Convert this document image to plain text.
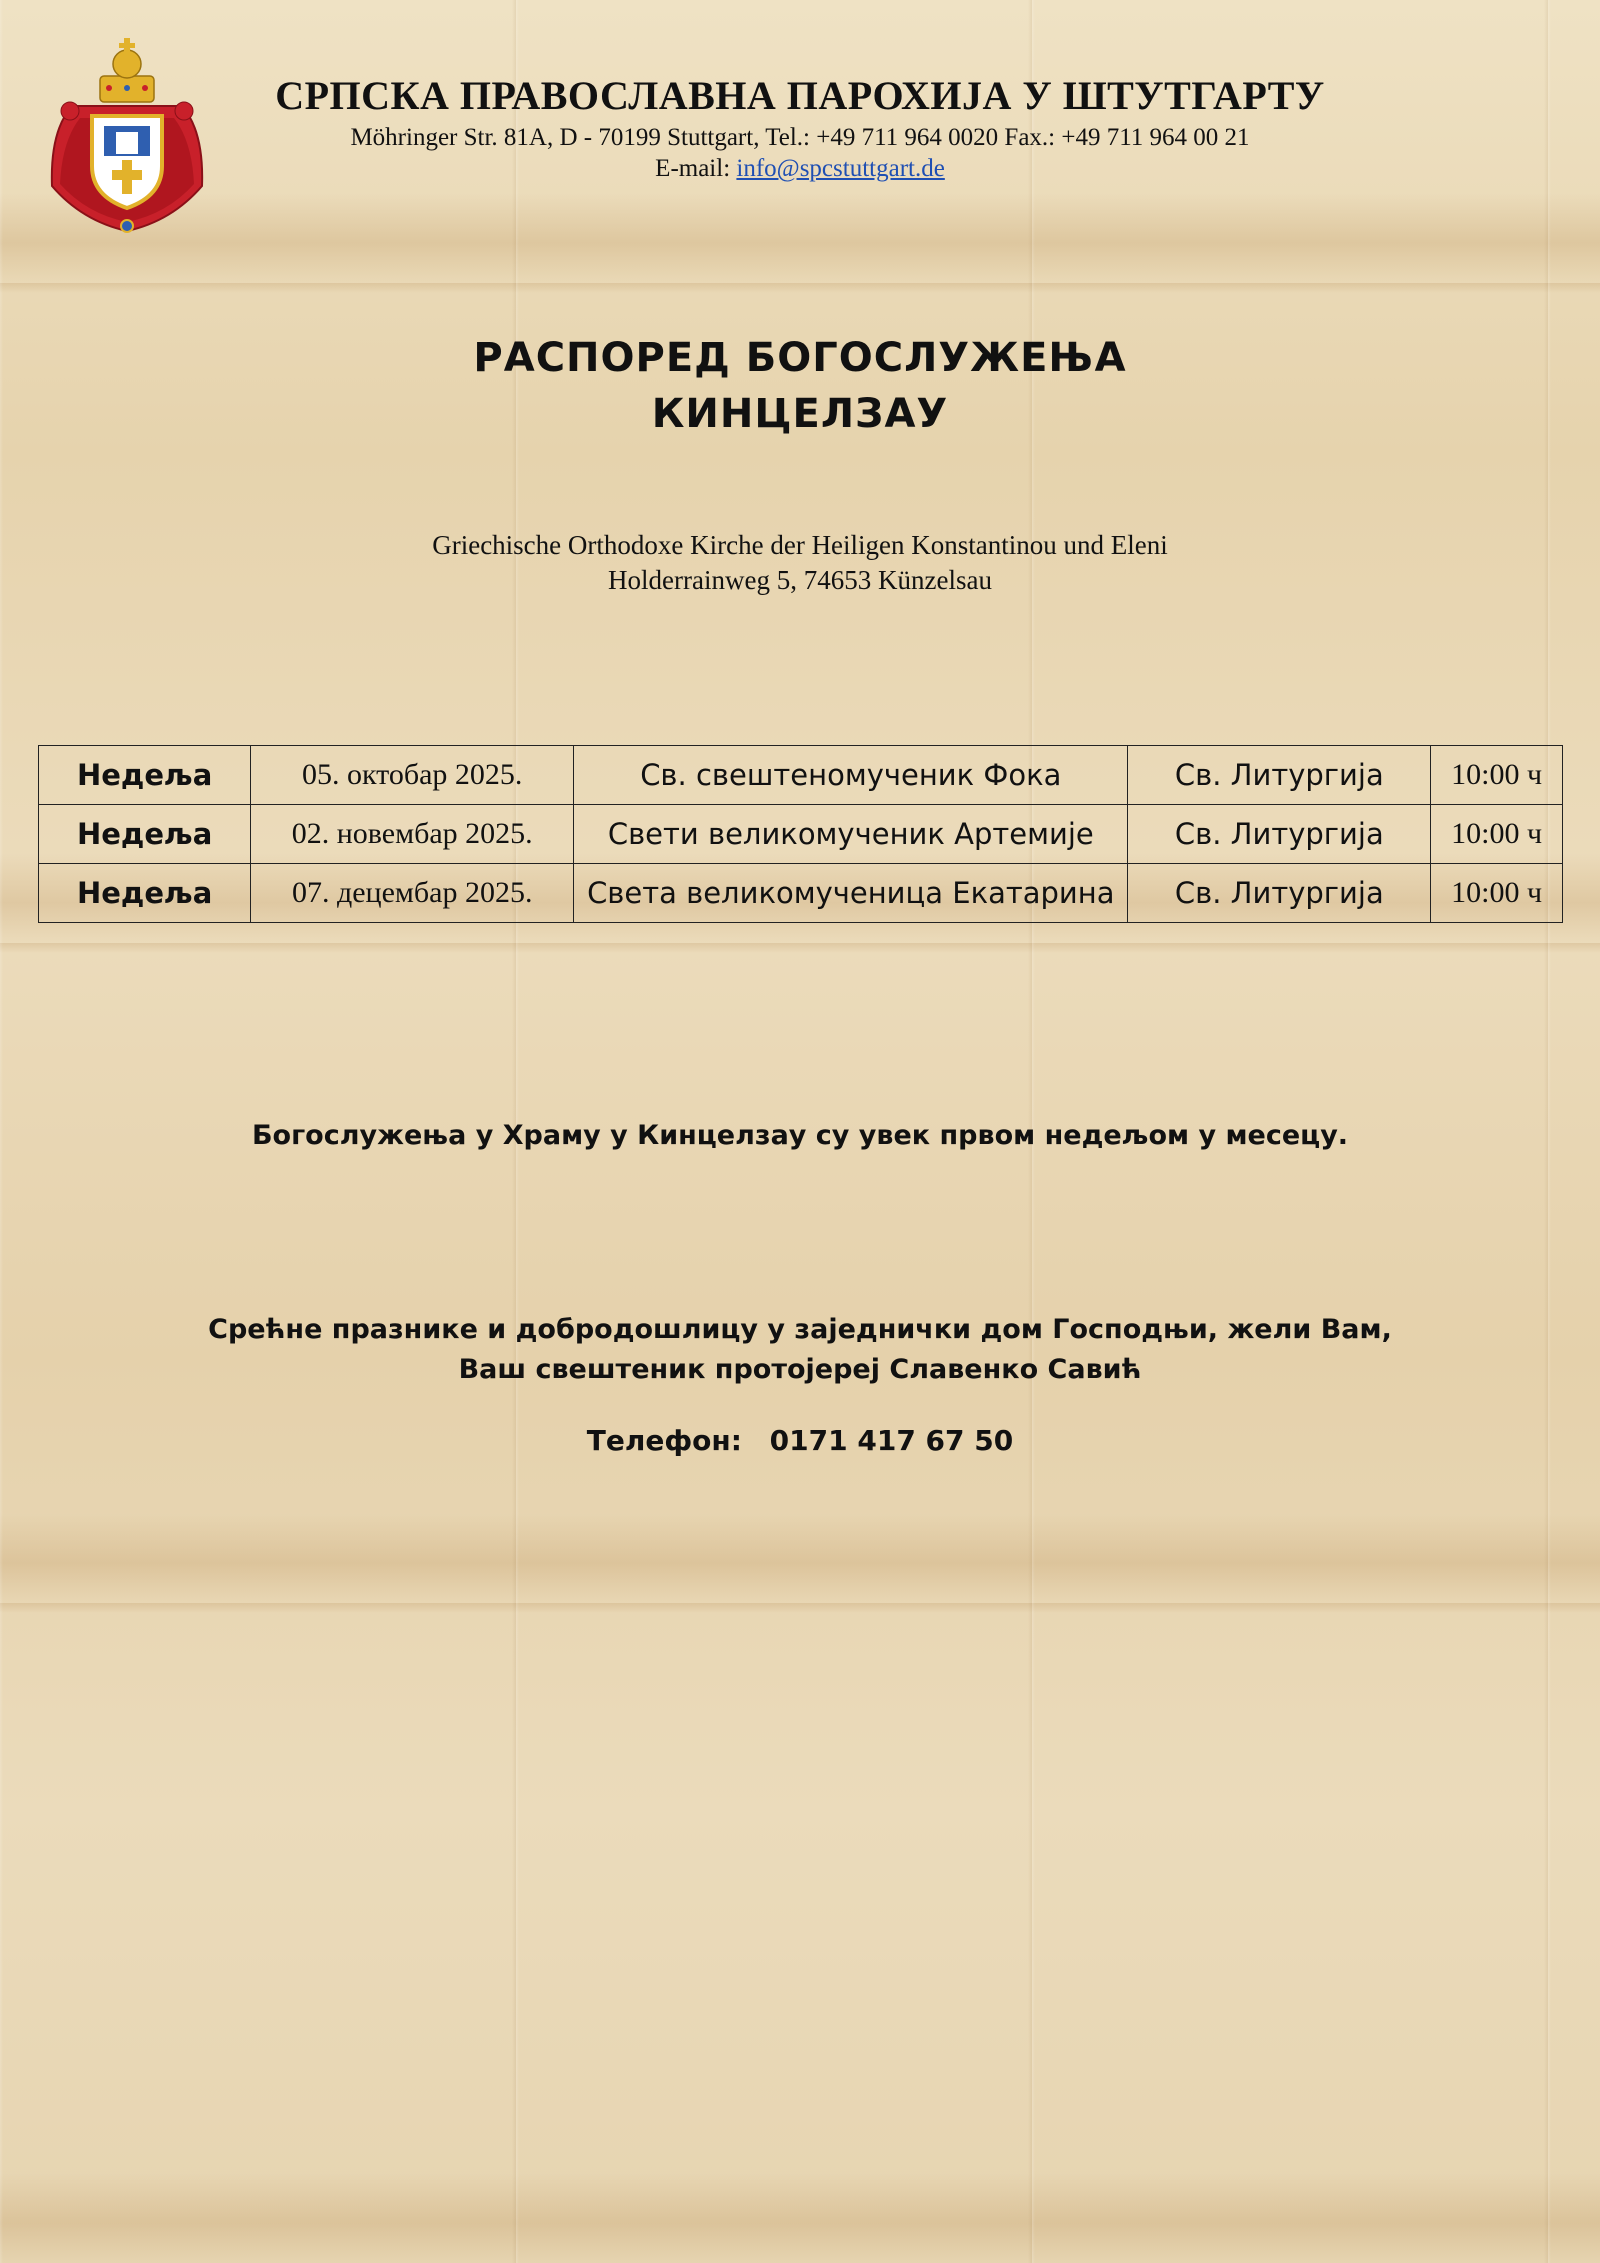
СРПСКА ПРАВОСЛАВНА ПАРОХИЈА У ШТУТГАРТУ
Möhringer Str. 81A, D - 70199 Stuttgart, Tel.: +49 711 964 0020 Fax.: +49 711 964 00 21
E-mail: info@spcstuttgart.de
РАСПОРЕД БОГОСЛУЖЕЊА
КИНЦЕЛЗАУ
Griechische Orthodoxe Kirche der Heiligen Konstantinou und Eleni
Holderrainweg 5, 74653 Künzelsau
Недеља	05. октобар 2025.	Св. свештеномученик Фока	Св. Литургија	10:00 ч
Недеља	02. новембар 2025.	Свети великомученик Артемије	Св. Литургија	10:00 ч
Недеља	07. децембар 2025.	Света великомученица Екатарина	Св. Литургија	10:00 ч
Богослужења у Храму у Кинцелзау су увек првом недељом у месецу.
Срећне празнике и добродошлицу у заједнички дом Господњи, жели Вам,
Ваш свештеник протојереј Славенко Савић
Телефон: 0171 417 67 50
